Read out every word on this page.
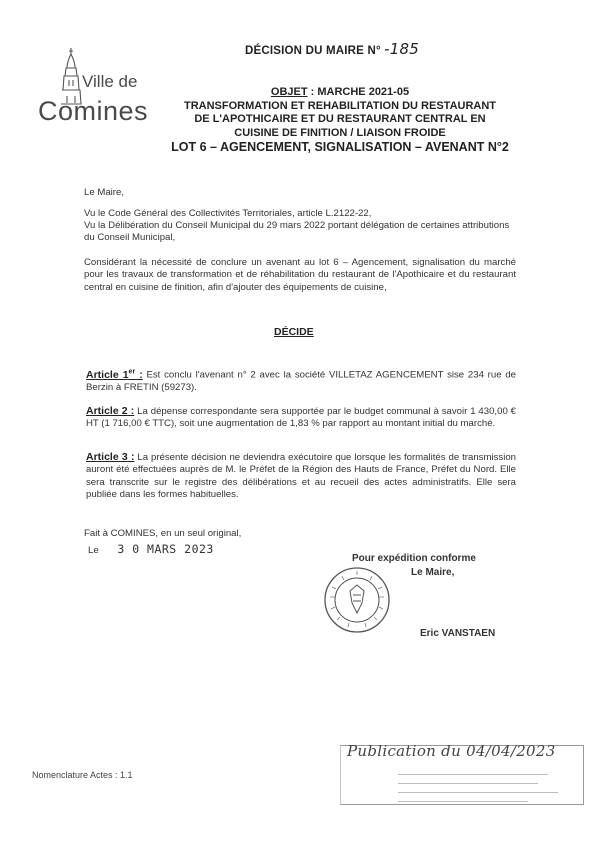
Ville de
Comines
DÉCISION DU MAIRE N° -185
OBJET : MARCHE 2021-05
TRANSFORMATION ET REHABILITATION DU RESTAURANT
DE L'APOTHICAIRE ET DU RESTAURANT CENTRAL EN
CUISINE DE FINITION / LIAISON FROIDE
LOT 6 – AGENCEMENT, SIGNALISATION – AVENANT N°2
Le Maire,
Vu le Code Général des Collectivités Territoriales, article L.2122-22,
Vu la Délibération du Conseil Municipal du 29 mars 2022 portant délégation de certaines attributions du Conseil Municipal,
Considérant la nécessité de conclure un avenant au lot 6 – Agencement, signalisation du marché pour les travaux de transformation et de réhabilitation du restaurant de l'Apothicaire et du restaurant central en cuisine de finition, afin d'ajouter des équipements de cuisine,
DÉCIDE
Article 1er : Est conclu l'avenant n° 2 avec la société VILLETAZ AGENCEMENT sise 234 rue de Berzin à FRETIN (59273).
Article 2 : La dépense correspondante sera supportée par le budget communal à savoir 1 430,00 € HT (1 716,00 € TTC), soit une augmentation de 1,83 % par rapport au montant initial du marché.
Article 3 : La présente décision ne deviendra exécutoire que lorsque les formalités de transmission auront été effectuées auprès de M. le Préfet de la Région des Hauts de France, Préfet du Nord. Elle sera transcrite sur le registre des délibérations et au recueil des actes administratifs. Elle sera publiée dans les formes habituelles.
Fait à COMINES, en un seul original,
Le 3 0 MARS 2023
Pour expédition conforme
Le Maire,
Eric VANSTAEN
Publication du 04/04/2023
Nomenclature Actes : 1.1
